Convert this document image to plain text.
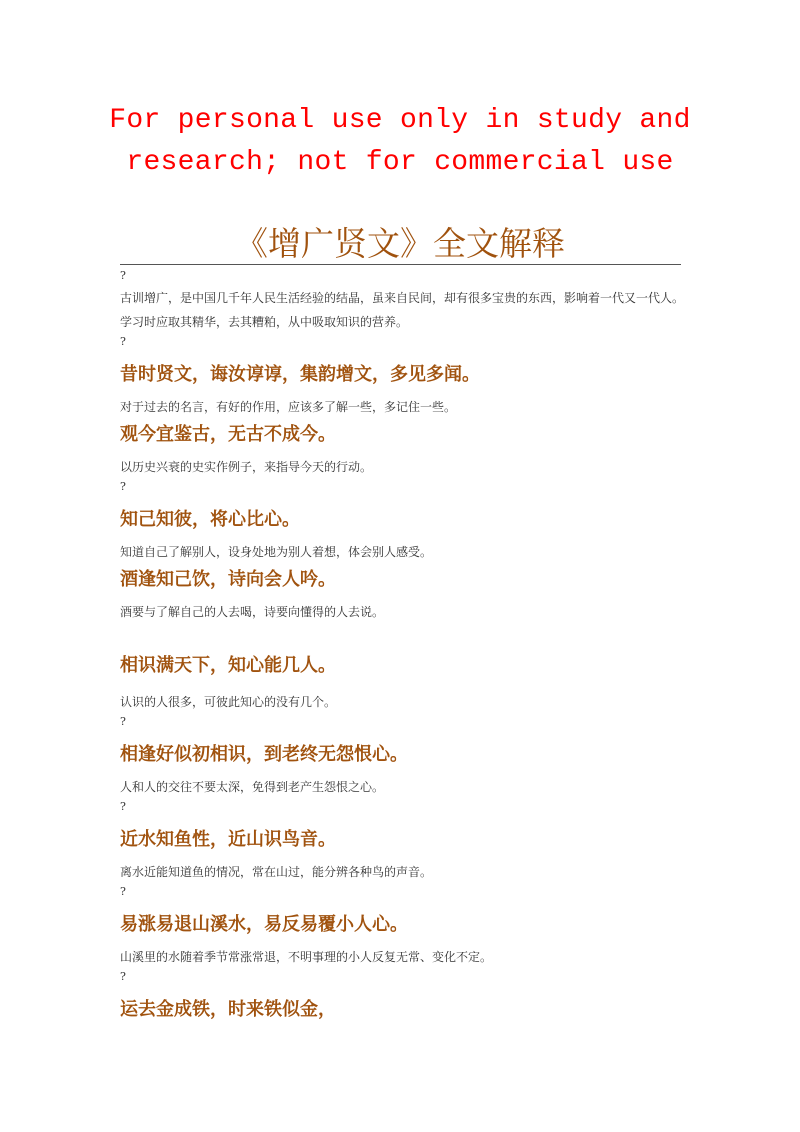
For personal use only in study and
research; not for commercial use
《增广贤文》全文解释

?

古训增广，是中国几千年人民生活经验的结晶，虽来自民间，却有很多宝贵的东西，影响着一代又一代人。学习时应取其精华，去其糟粕，从中吸取知识的营养。

?

昔时贤文，诲汝谆谆，集韵增文，多见多闻。

对于过去的名言，有好的作用，应该多了解一些，多记住一些。

观今宜鉴古，无古不成今。

以历史兴衰的史实作例子，来指导今天的行动。

?

知己知彼，将心比心。

知道自己了解别人，设身处地为别人着想，体会别人感受。

酒逢知己饮，诗向会人吟。

酒要与了解自己的人去喝，诗要向懂得的人去说。

相识满天下，知心能几人。

认识的人很多，可彼此知心的没有几个。

?

相逢好似初相识，到老终无怨恨心。

人和人的交往不要太深，免得到老产生怨恨之心。

?

近水知鱼性，近山识鸟音。

离水近能知道鱼的情况，常在山过，能分辨各种鸟的声音。

?

易涨易退山溪水，易反易覆小人心。

山溪里的水随着季节常涨常退，不明事理的小人反复无常、变化不定。

?

运去金成铁，时来铁似金，
